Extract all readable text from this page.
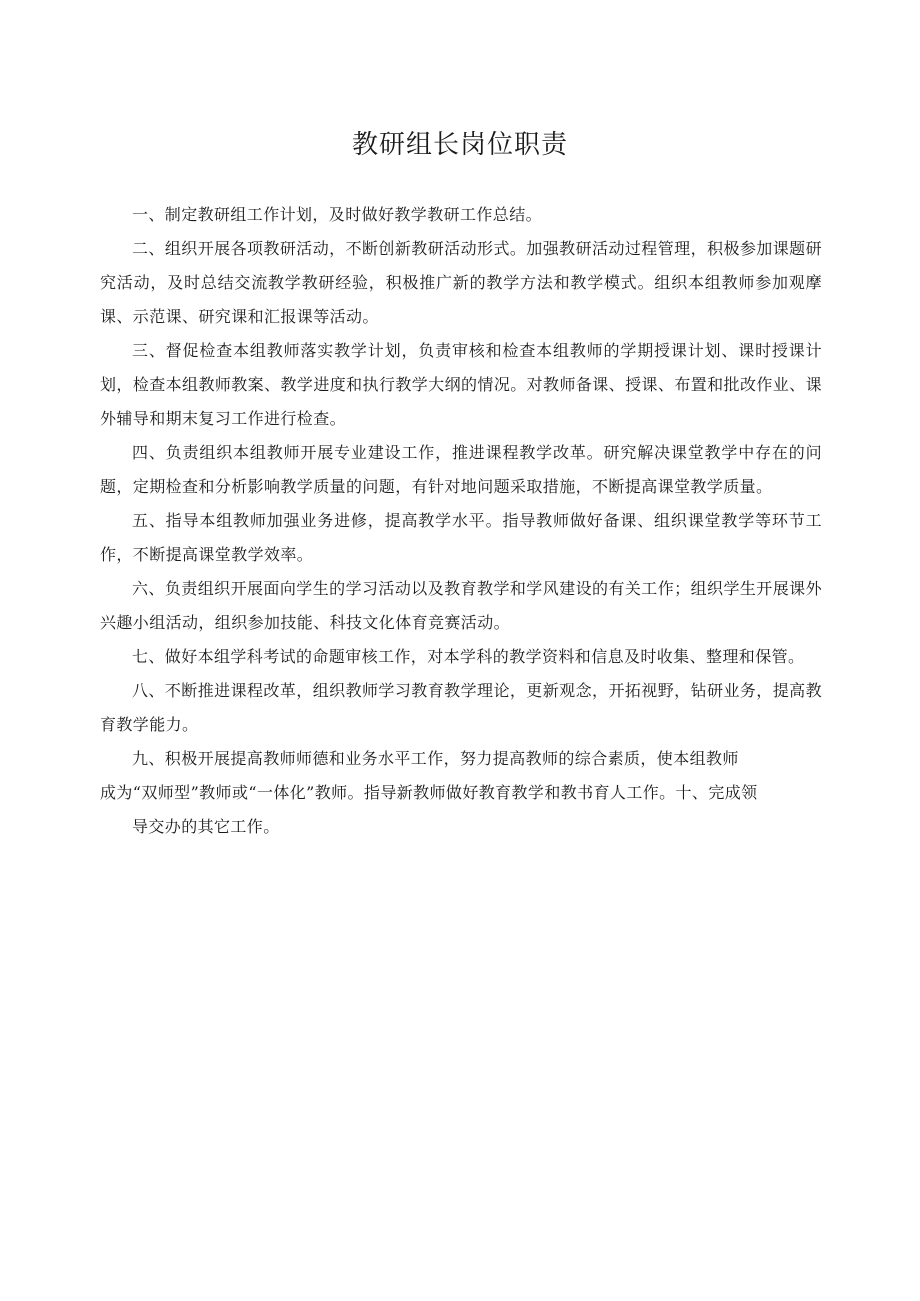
教研组长岗位职责

一、制定教研组工作计划，及时做好教学教研工作总结。

二、组织开展各项教研活动，不断创新教研活动形式。加强教研活动过程管理，积极参加课题研究活动，及时总结交流教学教研经验，积极推广新的教学方法和教学模式。组织本组教师参加观摩课、示范课、研究课和汇报课等活动。

三、督促检查本组教师落实教学计划，负责审核和检查本组教师的学期授课计划、课时授课计划，检查本组教师教案、教学进度和执行教学大纲的情况。对教师备课、授课、布置和批改作业、课外辅导和期末复习工作进行检查。

四、负责组织本组教师开展专业建设工作，推进课程教学改革。研究解决课堂教学中存在的问题，定期检查和分析影响教学质量的问题，有针对地问题采取措施，不断提高课堂教学质量。

五、指导本组教师加强业务进修，提高教学水平。指导教师做好备课、组织课堂教学等环节工作，不断提高课堂教学效率。

六、负责组织开展面向学生的学习活动以及教育教学和学风建设的有关工作；组织学生开展课外兴趣小组活动，组织参加技能、科技文化体育竞赛活动。

七、做好本组学科考试的命题审核工作，对本学科的教学资料和信息及时收集、整理和保管。

八、不断推进课程改革，组织教师学习教育教学理论，更新观念，开拓视野，钻研业务，提高教育教学能力。

九、积极开展提高教师师德和业务水平工作，努力提高教师的综合素质，使本组教师

成为“双师型”教师或“一体化”教师。指导新教师做好教育教学和教书育人工作。十、完成领

导交办的其它工作。
